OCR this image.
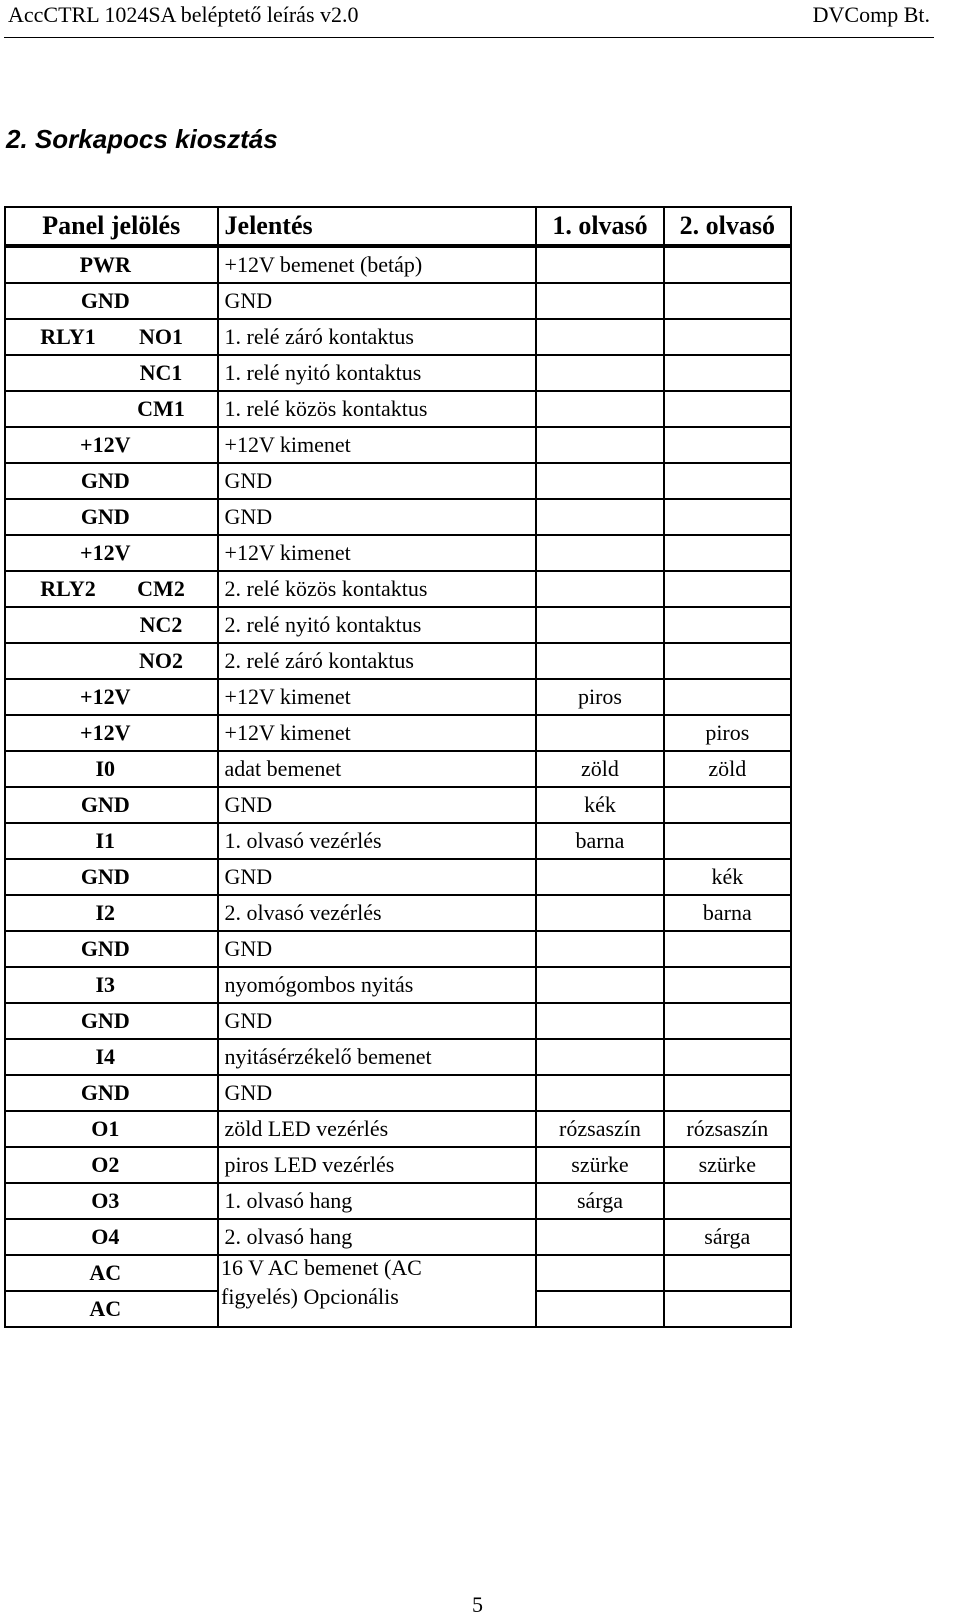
AccCTRL 1024SA beléptető leírás v2.0	DVComp Bt.
2. Sorkapocs kiosztás
Panel jelölés	Jelentés	1. olvasó	2. olvasó

PWR	+12V bemenet (betáp)		

GND	GND		

RLY1 NO1	1. relé záró kontaktus		

NC1	1. relé nyitó kontaktus		

CM1	1. relé közös kontaktus		

+12V	+12V kimenet		

GND	GND		

GND	GND		

+12V	+12V kimenet		

RLY2 CM2	2. relé közös kontaktus		

NC2	2. relé nyitó kontaktus		

NO2	2. relé záró kontaktus		

+12V	+12V kimenet	piros	

+12V	+12V kimenet		piros

I0	adat bemenet	zöld	zöld

GND	GND	kék	

I1	1. olvasó vezérlés	barna	

GND	GND		kék

I2	2. olvasó vezérlés		barna

GND	GND		

I3	nyomógombos nyitás		

GND	GND		

I4	nyitásérzékelő bemenet		

GND	GND		

O1	zöld LED vezérlés	rózsaszín	rózsaszín

O2	piros LED vezérlés	szürke	szürke

O3	1. olvasó hang	sárga	

O4	2. olvasó hang		sárga

AC			

AC			

16 V AC bemenet (AC
figyelés) Opcionális
5
